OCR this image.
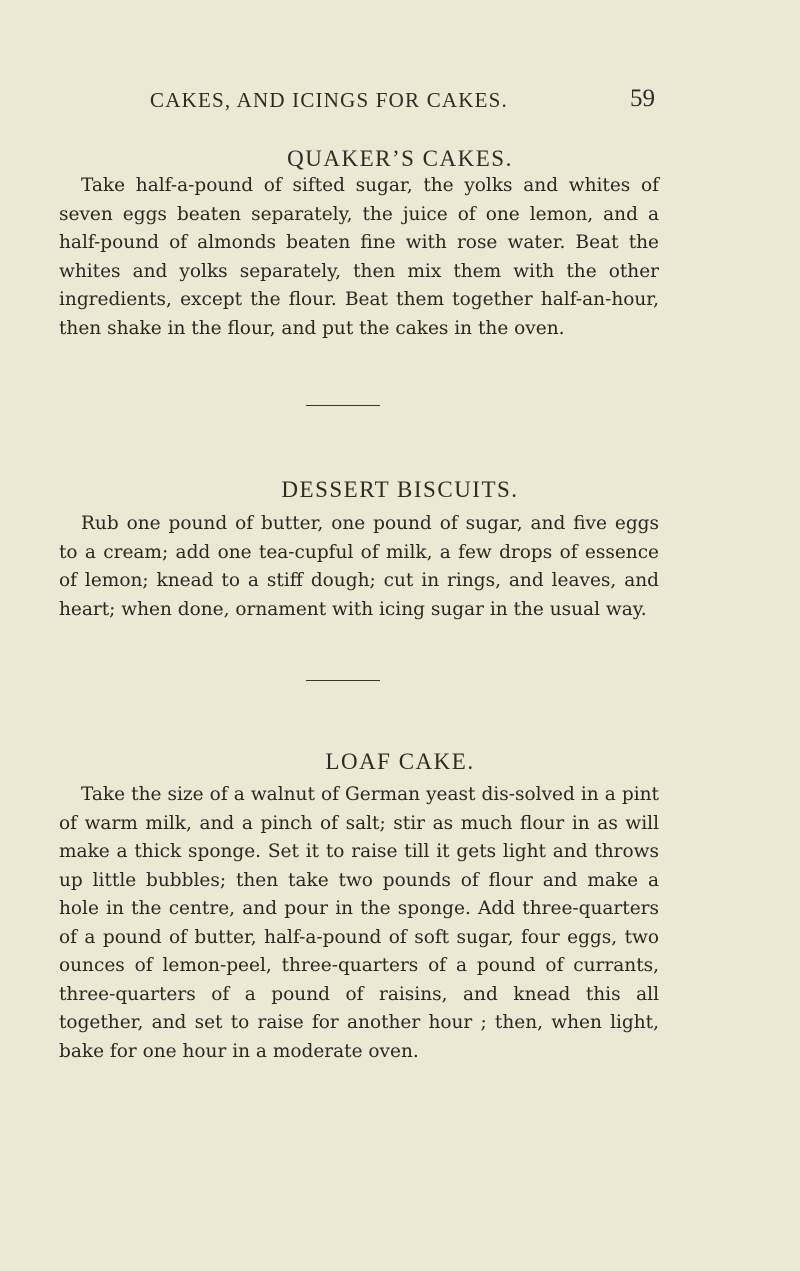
CAKES, AND ICINGS FOR CAKES.	59
QUAKER’S CAKES.

Take half-a-pound of sifted sugar, the yolks and whites of seven eggs beaten separately, the juice of one lemon, and a half-pound of almonds beaten fine with rose water. Beat the whites and yolks separately, then mix them with the other ingredients, except the flour. Beat them together half-an-hour, then shake in the flour, and put the cakes in the oven.

DESSERT BISCUITS.

Rub one pound of butter, one pound of sugar, and five eggs to a cream; add one tea-cupful of milk, a few drops of essence of lemon; knead to a stiff dough; cut in rings, and leaves, and heart; when done, ornament with icing sugar in the usual way.

LOAF CAKE.

Take the size of a walnut of German yeast dis-solved in a pint of warm milk, and a pinch of salt; stir as much flour in as will make a thick sponge. Set it to raise till it gets light and throws up little bubbles; then take two pounds of flour and make a hole in the centre, and pour in the sponge. Add three-quarters of a pound of butter, half-a-pound of soft sugar, four eggs, two ounces of lemon-peel, three-quarters of a pound of currants, three-quarters of a pound of raisins, and knead this all together, and set to raise for another hour ; then, when light, bake for one hour in a moderate oven.
